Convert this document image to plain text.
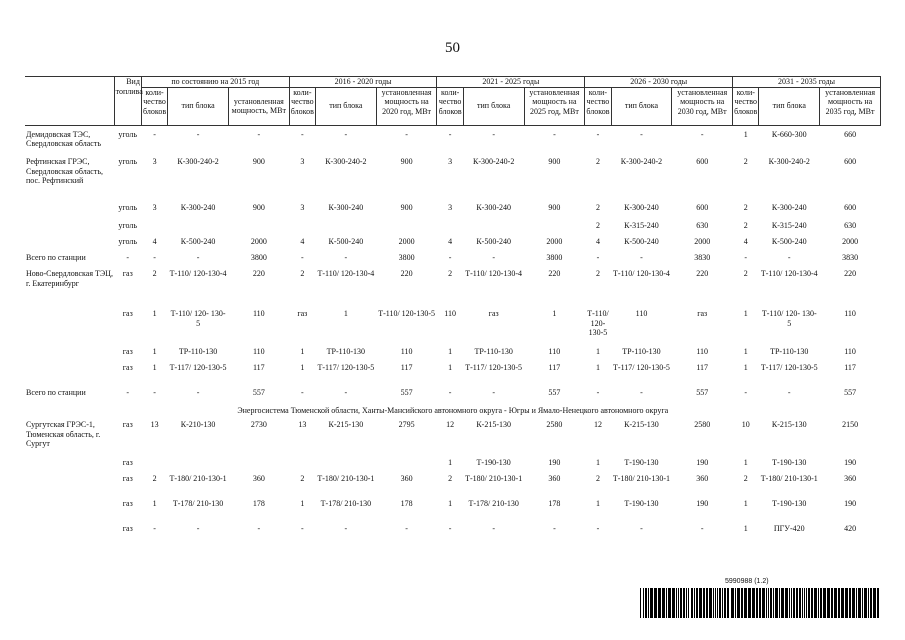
50
	Вид топлива	по состоянию на 2015 год			2016 - 2020 годы			2021 - 2025 годы			2026 - 2030 годы			2031 - 2035 годы		
		коли-чество блоков	тип блока	установленная мощность, МВт	коли-чество блоков	тип блока	установленная мощность на 2020 год, МВт	коли-чество блоков	тип блока	установленная мощность на 2025 год, МВт	коли-чество блоков	тип блока	установленная мощность на 2030 год, МВт	коли-чество блоков	тип блока	установленная мощность на 2035 год, МВт
Демидовская ТЭС, Свердловская область	уголь	-	-	-	-	-	-	-	-	-	-	-	-	1	К-660-300	660
Рефтинская ГРЭС, Свердловская область, пос. Рефтинский	уголь	3	К-300-240-2	900	3	К-300-240-2	900	3	К-300-240-2	900	2	К-300-240-2	600	2	К-300-240-2	600
	уголь	3	К-300-240	900	3	К-300-240	900	3	К-300-240	900	2	К-300-240	600	2	К-300-240	600
	уголь										2	К-315-240	630	2	К-315-240	630
	уголь	4	К-500-240	2000	4	К-500-240	2000	4	К-500-240	2000	4	К-500-240	2000	4	К-500-240	2000
Всего по станции	-	-	-	3800	-	-	3800	-	-	3800	-	-	3830	-	-	3830
Ново-Свердловская ТЭЦ, г. Екатеринбург	газ	2	Т-110/ 120-130-4	220	2	Т-110/ 120-130-4	220	2	Т-110/ 120-130-4	220	2	Т-110/ 120-130-4	220	2	Т-110/ 120-130-4	220
	газ	1	Т-110/ 120- 130-5	110	газ	1	Т-110/ 120-130-5	110	газ	1	Т-110/ 120- 130-5	110	газ	1	Т-110/ 120- 130-5	110
	газ	1	ТР-110-130	110	1	ТР-110-130	110	1	ТР-110-130	110	1	ТР-110-130	110	1	ТР-110-130	110
	газ	1	Т-117/ 120-130-5	117	1	Т-117/ 120-130-5	117	1	Т-117/ 120-130-5	117	1	Т-117/ 120-130-5	117	1	Т-117/ 120-130-5	117
Всего по станции	-	-	-	557	-	-	557	-	-	557	-	-	557	-	-	557
Энергосистема Тюменской области, Ханты-Мансийского автономного округа - Югры и Ямало-Ненецкого автономного округа																
Сургутская ГРЭС-1, Тюменская область, г. Сургут	газ	13	К-210-130	2730	13	К-215-130	2795	12	К-215-130	2580	12	К-215-130	2580	10	К-215-130	2150
	газ							1	Т-190-130	190	1	Т-190-130	190	1	Т-190-130	190
	газ	2	Т-180/ 210-130-1	360	2	Т-180/ 210-130-1	360	2	Т-180/ 210-130-1	360	2	Т-180/ 210-130-1	360	2	Т-180/ 210-130-1	360
	газ	1	Т-178/ 210-130	178	1	Т-178/ 210-130	178	1	Т-178/ 210-130	178	1	Т-190-130	190	1	Т-190-130	190
	газ	-	-	-	-	-	-	-	-	-	-	-	-	1	ПГУ-420	420
5990988 (1.2)
